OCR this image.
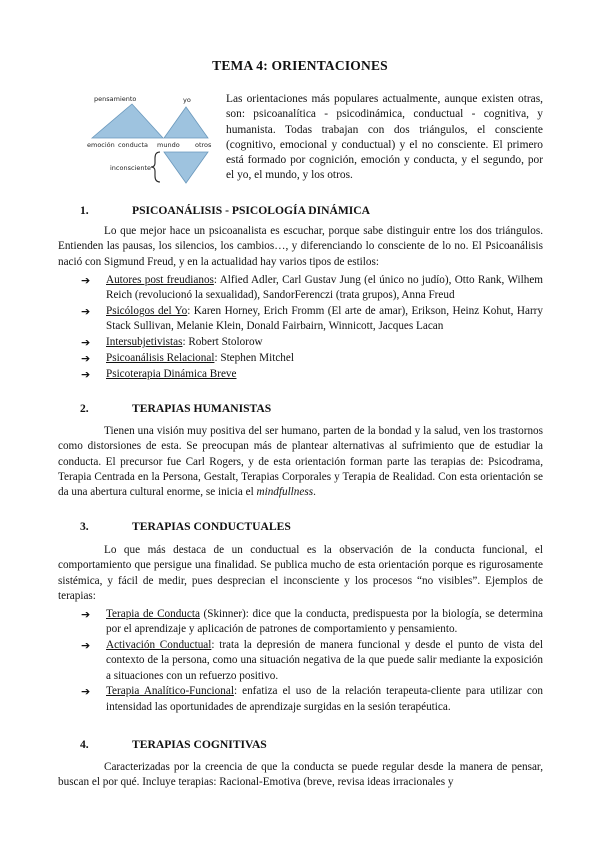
TEMA 4: ORIENTACIONES
pensamiento	yo
emoción conducta mundo otros
inconsciente
Las orientaciones más populares actualmente, aunque existen otras, son: psicoanalítica - psicodinámica, conductual - cognitiva, y humanista. Todas trabajan con dos triángulos, el consciente (cognitivo, emocional y conductual) y el no consciente. El primero está formado por cognición, emoción y conducta, y el segundo, por el yo, el mundo, y los otros.
1.	PSICOANÁLISIS - PSICOLOGÍA DINÁMICA
Lo que mejor hace un psicoanalista es escuchar, porque sabe distinguir entre los dos triángulos. Entienden las pausas, los silencios, los cambios…, y diferenciando lo consciente de lo no. El Psicoanálisis nació con Sigmund Freud, y en la actualidad hay varios tipos de estilos:
➔ Autores post freudianos: Alfied Adler, Carl Gustav Jung (el único no judío), Otto Rank, Wilhem Reich (revolucionó la sexualidad), SandorFerenczi (trata grupos), Anna Freud
➔ Psicólogos del Yo: Karen Horney, Erich Fromm (El arte de amar), Erikson, Heinz Kohut, Harry Stack Sullivan, Melanie Klein, Donald Fairbairn, Winnicott, Jacques Lacan
➔ Intersubjetivistas: Robert Stolorow
➔ Psicoanálisis Relacional: Stephen Mitchel
➔ Psicoterapia Dinámica Breve
2.	TERAPIAS HUMANISTAS
Tienen una visión muy positiva del ser humano, parten de la bondad y la salud, ven los trastornos como distorsiones de esta. Se preocupan más de plantear alternativas al sufrimiento que de estudiar la conducta. El precursor fue Carl Rogers, y de esta orientación forman parte las terapias de: Psicodrama, Terapia Centrada en la Persona, Gestalt, Terapias Corporales y Terapia de Realidad. Con esta orientación se da una abertura cultural enorme, se inicia el mindfullness.
3.	TERAPIAS CONDUCTUALES
Lo que más destaca de un conductual es la observación de la conducta funcional, el comportamiento que persigue una finalidad. Se publica mucho de esta orientación porque es rigurosamente sistémica, y fácil de medir, pues desprecian el inconsciente y los procesos “no visibles”. Ejemplos de terapias:
➔ Terapia de Conducta (Skinner): dice que la conducta, predispuesta por la biología, se determina por el aprendizaje y aplicación de patrones de comportamiento y pensamiento.
➔ Activación Conductual: trata la depresión de manera funcional y desde el punto de vista del contexto de la persona, como una situación negativa de la que puede salir mediante la exposición a situaciones con un refuerzo positivo.
➔ Terapia Analítico-Funcional: enfatiza el uso de la relación terapeuta-cliente para utilizar con intensidad las oportunidades de aprendizaje surgidas en la sesión terapéutica.
4.	TERAPIAS COGNITIVAS
Caracterizadas por la creencia de que la conducta se puede regular desde la manera de pensar, buscan el por qué. Incluye terapias: Racional-Emotiva (breve, revisa ideas irracionales y
